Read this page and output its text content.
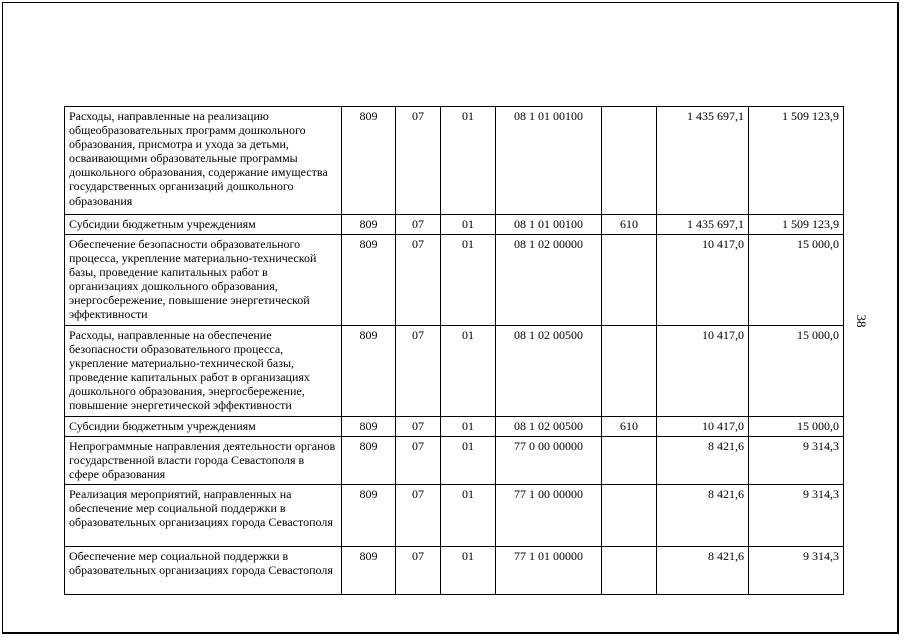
38
Расходы, направленные на реализацию общеобразовательных программ дошкольного образования, присмотра и ухода за детьми, осваивающими образовательные программы дошкольного образования, содержание имущества государственных организаций дошкольного образования	809	07	01	08 1 01 00100		1 435 697,1	1 509 123,9
Субсидии бюджетным учреждениям	809	07	01	08 1 01 00100	610	1 435 697,1	1 509 123,9
Обеспечение безопасности образовательного процесса, укрепление материально-технической базы, проведение капитальных работ в организациях дошкольного образования, энергосбережение, повышение энергетической эффективности	809	07	01	08 1 02 00000		10 417,0	15 000,0
Расходы, направленные на обеспечение безопасности образовательного процесса, укрепление материально-технической базы, проведение капитальных работ в организациях дошкольного образования, энергосбережение, повышение энергетической эффективности	809	07	01	08 1 02 00500		10 417,0	15 000,0
Субсидии бюджетным учреждениям	809	07	01	08 1 02 00500	610	10 417,0	15 000,0
Непрограммные направления деятельности органов государственной власти города Севастополя в сфере образования	809	07	01	77 0 00 00000		8 421,6	9 314,3
Реализация мероприятий, направленных на обеспечение мер социальной поддержки в образовательных организациях города Севастополя	809	07	01	77 1 00 00000		8 421,6	9 314,3
Обеспечение мер социальной поддержки в образовательных организациях города Севастополя	809	07	01	77 1 01 00000		8 421,6	9 314,3
